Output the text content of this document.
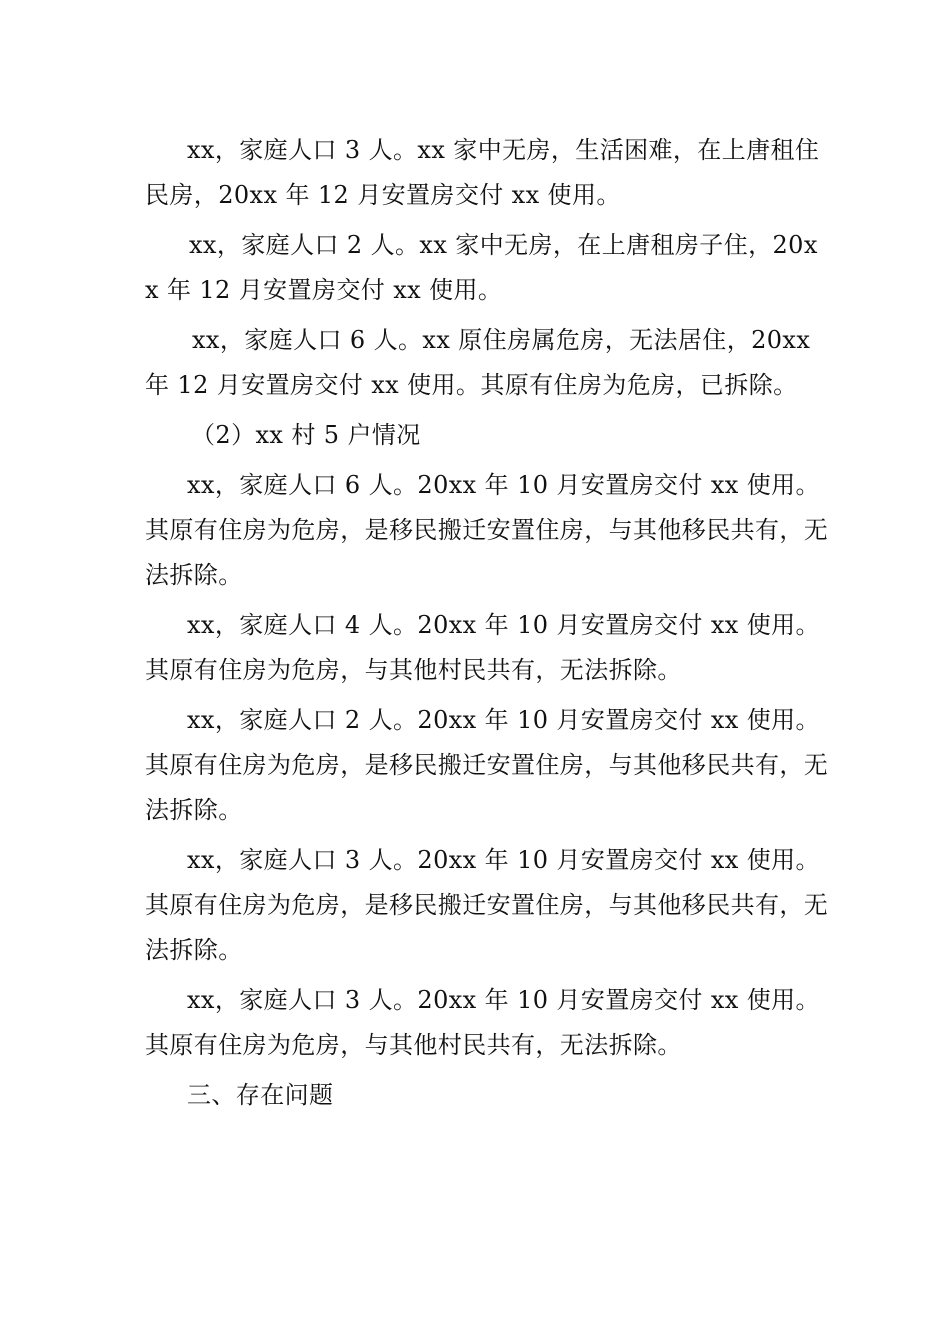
xx，家庭人口 3 人。xx 家中无房，生活困难，在上唐租住民房，20xx 年 12 月安置房交付 xx 使用。

xx，家庭人口 2 人。xx 家中无房，在上唐租房子住，20xx 年 12 月安置房交付 xx 使用。

xx，家庭人口 6 人。xx 原住房属危房，无法居住，20xx 年 12 月安置房交付 xx 使用。其原有住房为危房，已拆除。

（2）xx 村 5 户情况

xx，家庭人口 6 人。20xx 年 10 月安置房交付 xx 使用。其原有住房为危房，是移民搬迁安置住房，与其他移民共有，无法拆除。

xx，家庭人口 4 人。20xx 年 10 月安置房交付 xx 使用。其原有住房为危房，与其他村民共有，无法拆除。

xx，家庭人口 2 人。20xx 年 10 月安置房交付 xx 使用。其原有住房为危房，是移民搬迁安置住房，与其他移民共有，无法拆除。

xx，家庭人口 3 人。20xx 年 10 月安置房交付 xx 使用。其原有住房为危房，是移民搬迁安置住房，与其他移民共有，无法拆除。

xx，家庭人口 3 人。20xx 年 10 月安置房交付 xx 使用。其原有住房为危房，与其他村民共有，无法拆除。

三、存在问题
